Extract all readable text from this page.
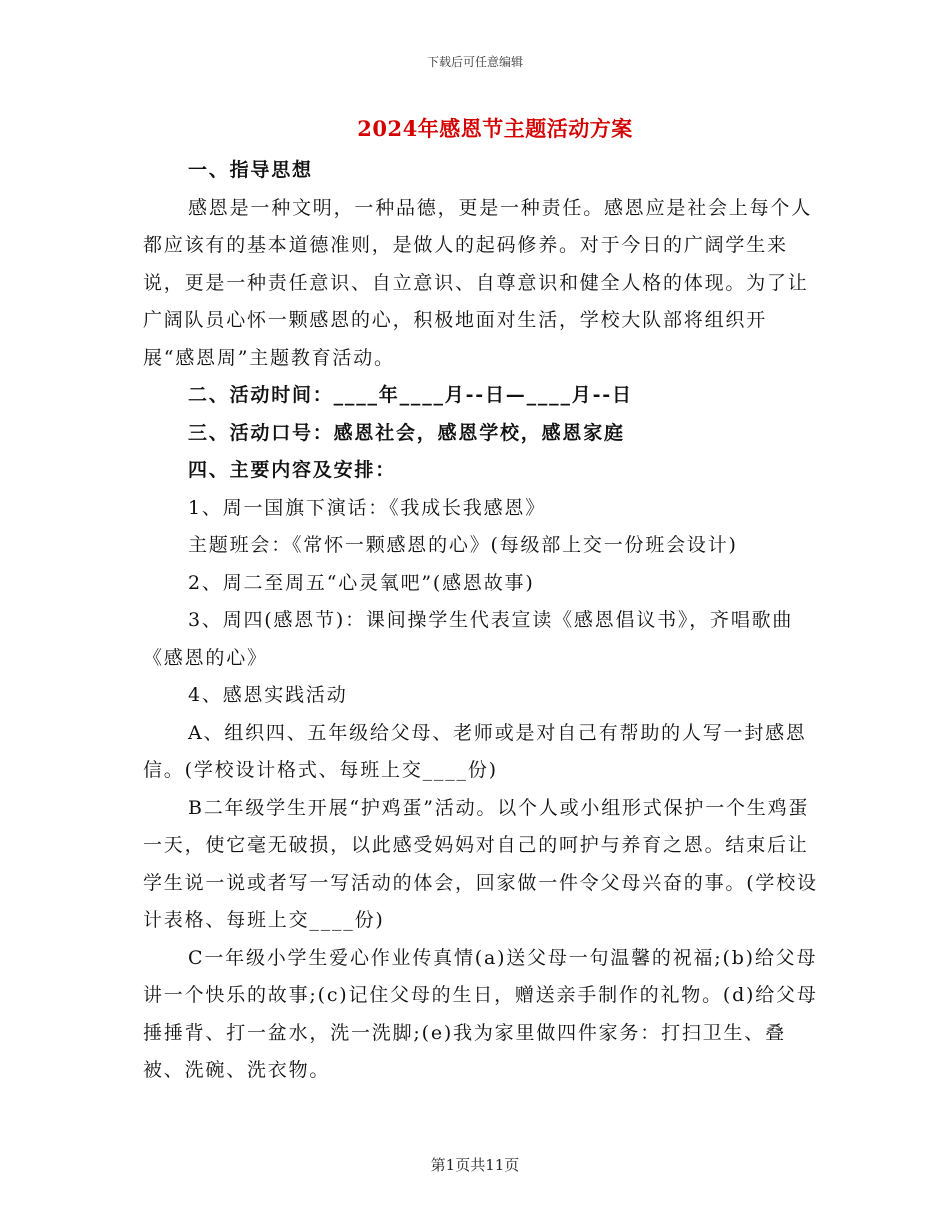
下载后可任意编辑
2024年感恩节主题活动方案

一、指导思想

感恩是一种文明，一种品德，更是一种责任。感恩应是社会上每个人都应该有的基本道德准则，是做人的起码修养。对于今日的广阔学生来说，更是一种责任意识、自立意识、自尊意识和健全人格的体现。为了让广阔队员心怀一颗感恩的心，积极地面对生活，学校大队部将组织开展“感恩周”主题教育活动。

二、活动时间：____年____月--日—____月--日

三、活动口号：感恩社会，感恩学校，感恩家庭

四、主要内容及安排：

1、周一国旗下演话：《我成长我感恩》

主题班会：《常怀一颗感恩的心》(每级部上交一份班会设计)

2、周二至周五“心灵氧吧”(感恩故事)

3、周四(感恩节)：课间操学生代表宣读《感恩倡议书》，齐唱歌曲《感恩的心》

4、感恩实践活动

A、组织四、五年级给父母、老师或是对自己有帮助的人写一封感恩信。(学校设计格式、每班上交____份)

B二年级学生开展“护鸡蛋”活动。以个人或小组形式保护一个生鸡蛋一天，使它毫无破损，以此感受妈妈对自己的呵护与养育之恩。结束后让学生说一说或者写一写活动的体会，回家做一件令父母兴奋的事。(学校设计表格、每班上交____份)

C一年级小学生爱心作业传真情(a)送父母一句温馨的祝福;(b)给父母讲一个快乐的故事;(c)记住父母的生日，赠送亲手制作的礼物。(d)给父母捶捶背、打一盆水，洗一洗脚;(e)我为家里做四件家务：打扫卫生、叠被、洗碗、洗衣物。

第1页共11页
